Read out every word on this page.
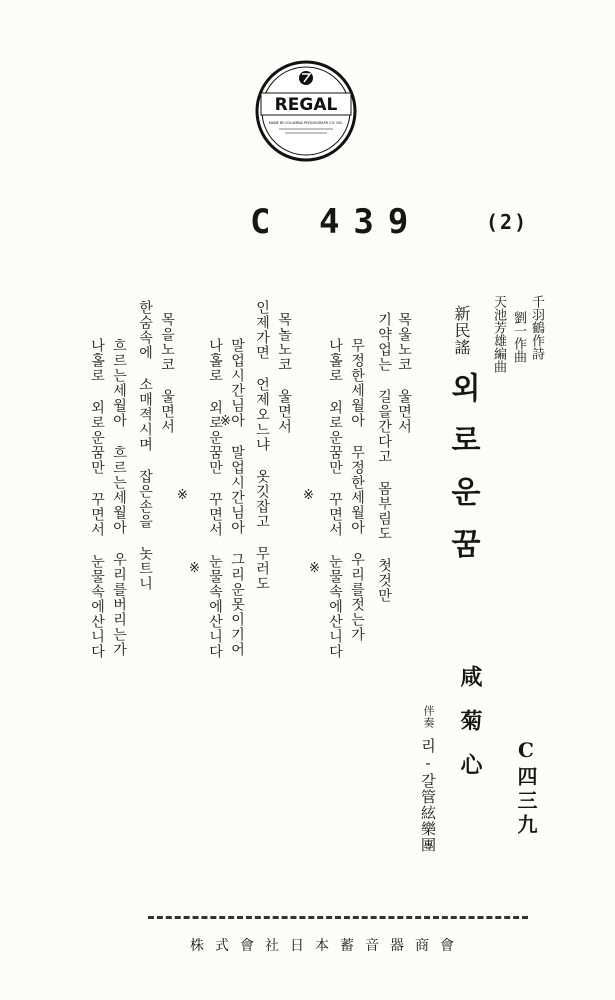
REGAL
MADE BY COLUMBIA PHONOGRAPH CO. INC.
C 439	(2)
千羽鶴作詩
劉一作曲
天池芳雄編曲
新民謠
외로운꿈
목울노코 울면서
기약업는 길을간다고 몸부림도 첫것만
무정한세월아 무정한세월아 우리를젓는가
나홀로 외로운꿈만 꾸면서 눈물속에산니다
※
※
목놀노코 울면서
인제가면 언제오느냐 옷깃잡고 무러도
말업시간님아 말업시간님아 그리운못이기어
나홀로 외로운꿈만 꾸면서 눈물속에산니다
※
※
※
목을노코 울면서
한숨속에 소매젹시며 잡은손을 놋트니
흐르는세월아 흐르는세월아 우리를버리는가
나홀로 외로운꿈만 꾸면서 눈물속에산니다
咸菊心
伴奏
리-갈管絃樂團	C四三九
株式會社日本蓄音器商會
